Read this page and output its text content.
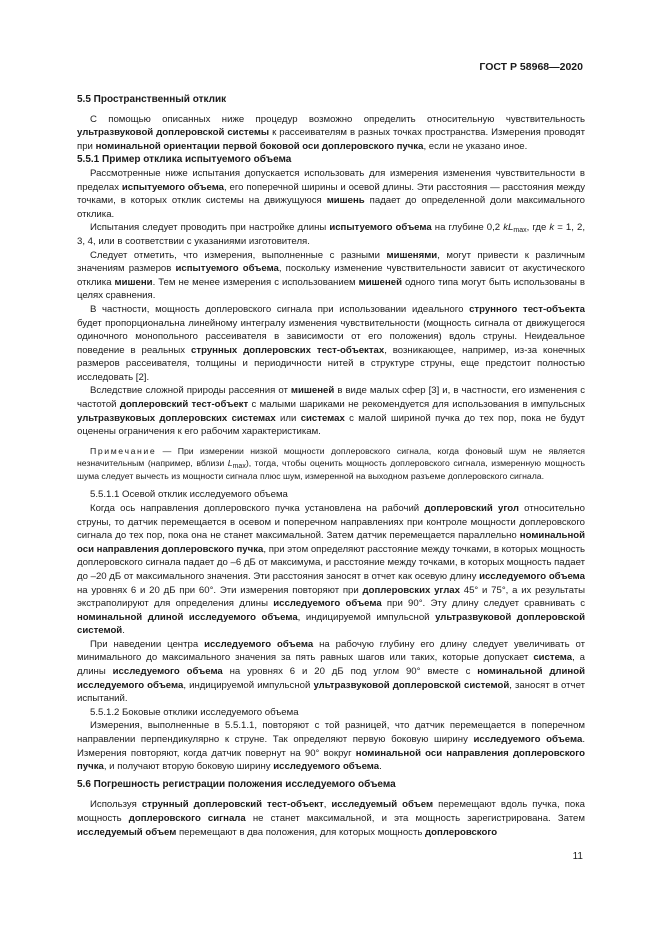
ГОСТ Р 58968—2020

5.5 Пространственный отклик

С помощью описанных ниже процедур возможно определить относительную чувствительность ультразвуковой доплеровской системы к рассеивателям в разных точках пространства. Измерения проводят при номинальной ориентации первой боковой оси доплеровского пучка, если не указано иное.

5.5.1 Пример отклика испытуемого объема

Рассмотренные ниже испытания допускается использовать для измерения изменения чувствительности в пределах испытуемого объема, его поперечной ширины и осевой длины. Эти расстояния — расстояния между точками, в которых отклик системы на движущуюся мишень падает до определенной доли максимального отклика.

Испытания следует проводить при настройке длины испытуемого объема на глубине 0,2 $kL_{max}$, где k = 1, 2, 3, 4, или в соответствии с указаниями изготовителя.

Следует отметить, что измерения, выполненные с разными мишенями, могут привести к различным значениям размеров испытуемого объема, поскольку изменение чувствительности зависит от акустического отклика мишени. Тем не менее измерения с использованием мишеней одного типа могут быть использованы в целях сравнения.

В частности, мощность доплеровского сигнала при использовании идеального струнного тест-объекта будет пропорциональна линейному интегралу изменения чувствительности (мощность сигнала от движущегося одиночного монопольного рассеивателя в зависимости от его положения) вдоль струны. Неидеальное поведение в реальных струнных доплеровских тест-объектах, возникающее, например, из-за конечных размеров рассеивателя, толщины и периодичности нитей в структуре струны, еще предстоит полностью исследовать [2].

Вследствие сложной природы рассеяния от мишеней в виде малых сфер [3] и, в частности, его изменения с частотой доплеровский тест-объект с малыми шариками не рекомендуется для использования в импульсных ультразвуковых доплеровских системах или системах с малой шириной пучка до тех пор, пока не будут оценены ограничения к его рабочим характеристикам.

Примечание — При измерении низкой мощности доплеровского сигнала, когда фоновый шум не является незначительным (например, вблизи $L_{max}$), тогда, чтобы оценить мощность доплеровского сигнала, измеренную мощность шума следует вычесть из мощности сигнала плюс шум, измеренной на выходном разъеме доплеровского сигнала.

5.5.1.1 Осевой отклик исследуемого объема

Когда ось направления доплеровского пучка установлена на рабочий доплеровский угол относительно струны, то датчик перемещается в осевом и поперечном направлениях при контроле мощности доплеровского сигнала до тех пор, пока она не станет максимальной. Затем датчик перемещается параллельно номинальной оси направления доплеровского пучка, при этом определяют расстояние между точками, в которых мощность доплеровского сигнала падает до –6 дБ от максимума, и расстояние между точками, в которых мощность падает до –20 дБ от максимального значения. Эти расстояния заносят в отчет как осевую длину исследуемого объема на уровнях 6 и 20 дБ при 60°. Эти измерения повторяют при доплеровских углах 45° и 75°, а их результаты экстраполируют для определения длины исследуемого объема при 90°. Эту длину следует сравнивать с номинальной длиной исследуемого объема, индицируемой импульсной ультразвуковой доплеровской системой.

При наведении центра исследуемого объема на рабочую глубину его длину следует увеличивать от минимального до максимального значения за пять равных шагов или таких, которые допускает система, а длины исследуемого объема на уровнях 6 и 20 дБ под углом 90° вместе с номинальной длиной исследуемого объема, индицируемой импульсной ультразвуковой доплеровской системой, заносят в отчет испытаний.

5.5.1.2 Боковые отклики исследуемого объема

Измерения, выполненные в 5.5.1.1, повторяют с той разницей, что датчик перемещается в поперечном направлении перпендикулярно к струне. Так определяют первую боковую ширину исследуемого объема. Измерения повторяют, когда датчик повернут на 90° вокруг номинальной оси направления доплеровского пучка, и получают вторую боковую ширину исследуемого объема.

5.6 Погрешность регистрации положения исследуемого объема

Используя струнный доплеровский тест-объект, исследуемый объем перемещают вдоль пучка, пока мощность доплеровского сигнала не станет максимальной, и эта мощность зарегистрирована. Затем исследуемый объем перемещают в два положения, для которых мощность доплеровского

11
